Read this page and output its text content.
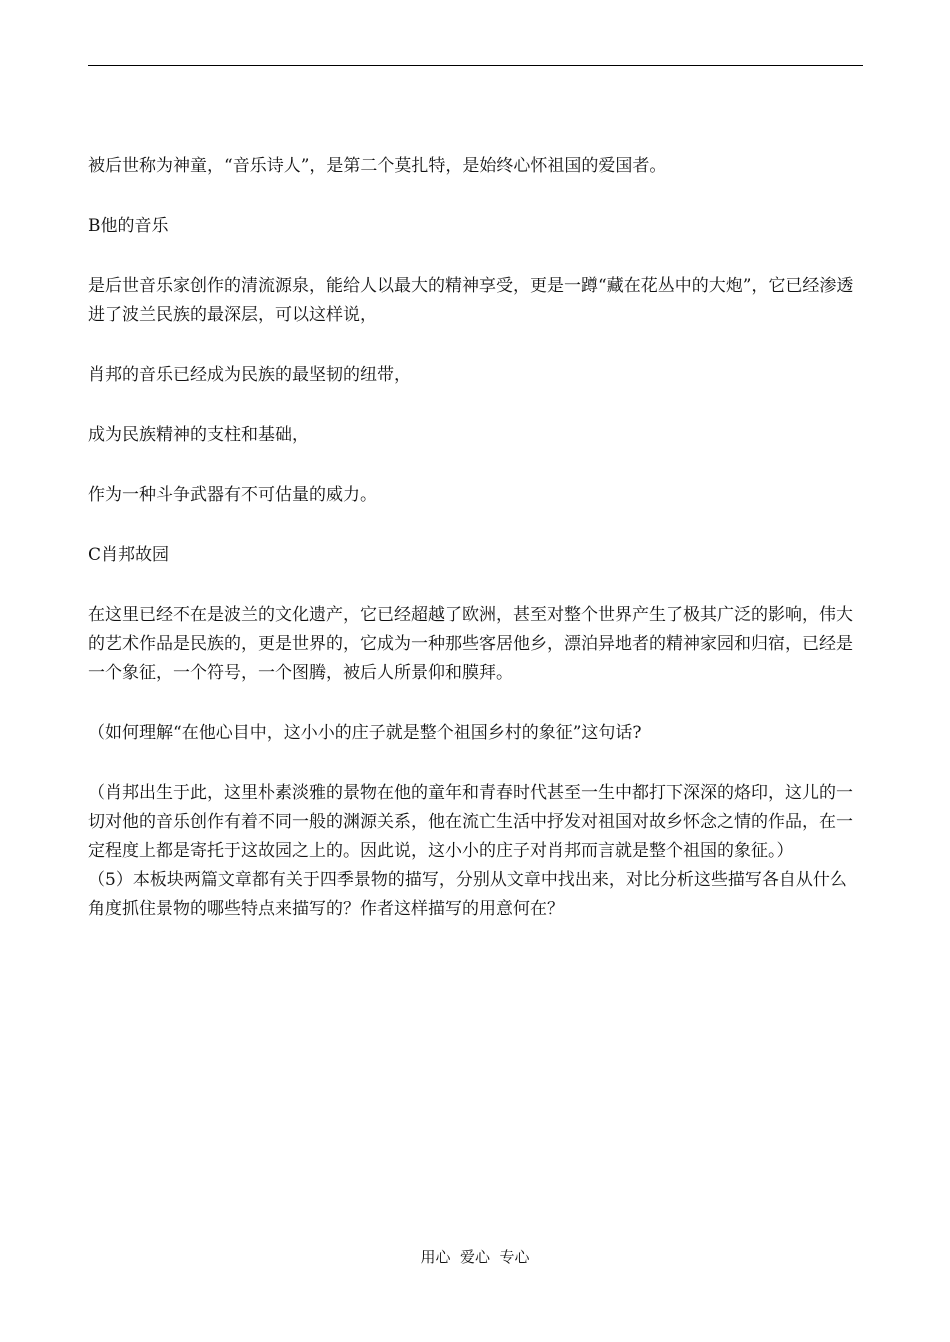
被后世称为神童，“音乐诗人”，是第二个莫扎特，是始终心怀祖国的爱国者。

B他的音乐

是后世音乐家创作的清流源泉，能给人以最大的精神享受，更是一蹲“藏在花丛中的大炮”，它已经渗透进了波兰民族的最深层，可以这样说，

肖邦的音乐已经成为民族的最坚韧的纽带，

成为民族精神的支柱和基础，

作为一种斗争武器有不可估量的威力。

C肖邦故园

在这里已经不在是波兰的文化遗产，它已经超越了欧洲，甚至对整个世界产生了极其广泛的影响，伟大的艺术作品是民族的，更是世界的，它成为一种那些客居他乡，漂泊异地者的精神家园和归宿，已经是一个象征，一个符号，一个图腾，被后人所景仰和膜拜。

（如何理解“在他心目中，这小小的庄子就是整个祖国乡村的象征”这句话?

（肖邦出生于此，这里朴素淡雅的景物在他的童年和青春时代甚至一生中都打下深深的烙印，这儿的一切对他的音乐创作有着不同一般的渊源关系，他在流亡生活中抒发对祖国对故乡怀念之情的作品，在一定程度上都是寄托于这故园之上的。因此说，这小小的庄子对肖邦而言就是整个祖国的象征。）

（5）本板块两篇文章都有关于四季景物的描写，分别从文章中找出来，对比分析这些描写各自从什么角度抓住景物的哪些特点来描写的？作者这样描写的用意何在？

用心  爱心  专心
